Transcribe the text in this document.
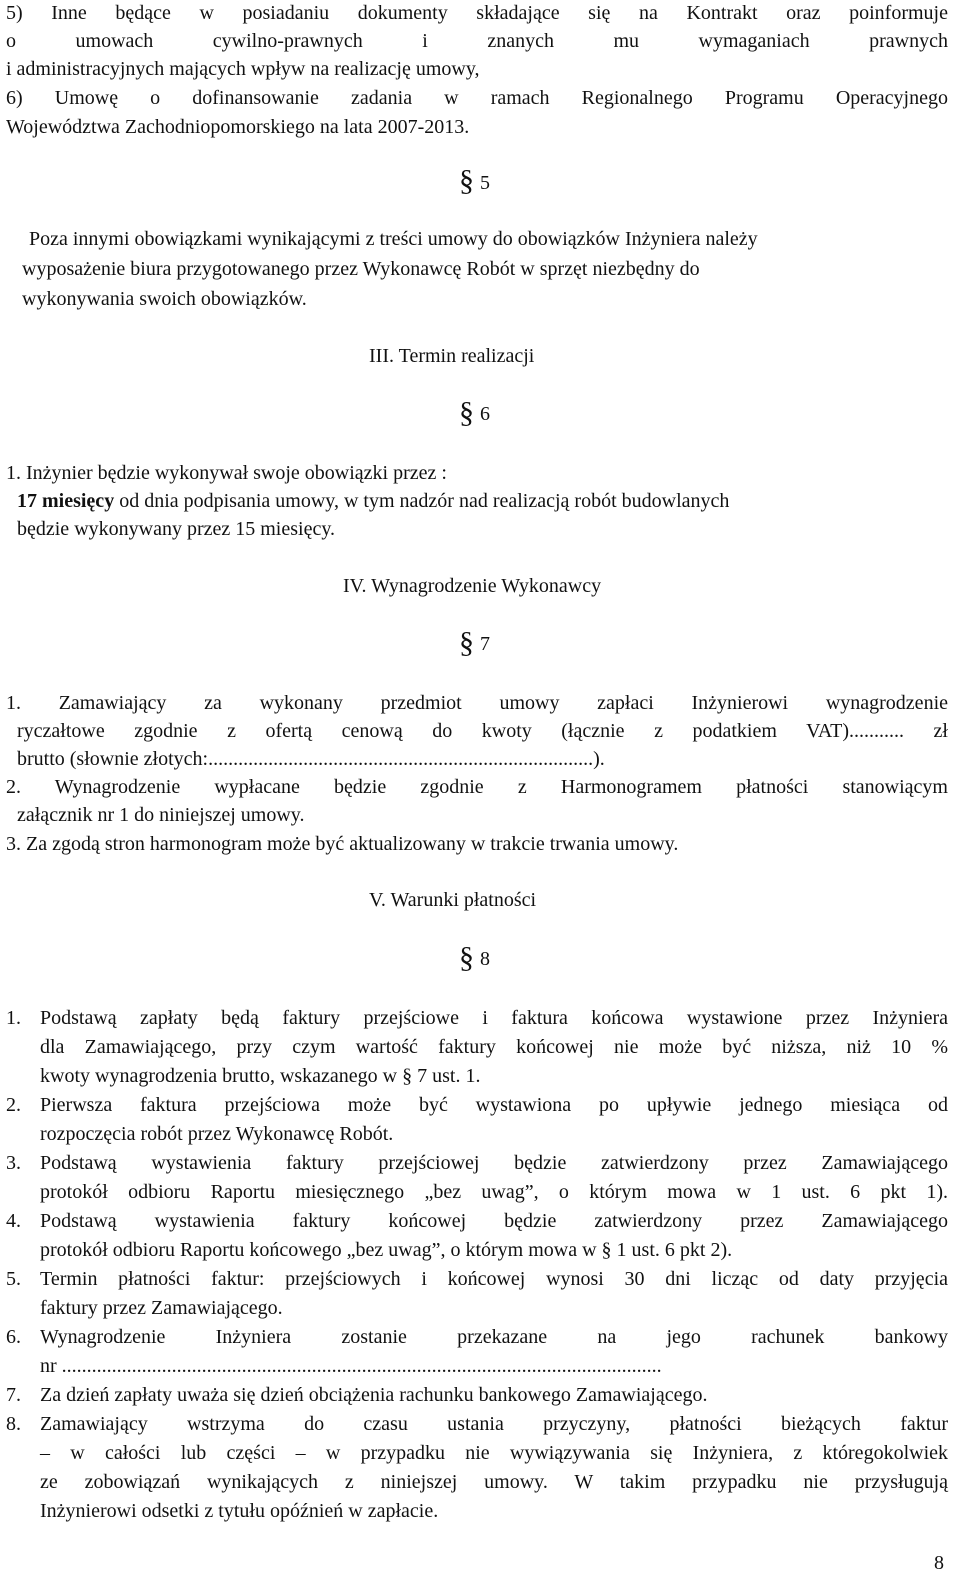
5) Inne będące w posiadaniu dokumenty składające się na Kontrakt oraz poinformuje
o umowach cywilno-prawnych i znanych mu wymaganiach prawnych
i administracyjnych mających wpływ na realizację umowy,
6) Umowę o dofinansowanie zadania w ramach Regionalnego Programu Operacyjnego
Województwa Zachodniopomorskiego na lata 2007-2013.
§ 5
Poza innymi obowiązkami wynikającymi z treści umowy do obowiązków Inżyniera należy
wyposażenie biura przygotowanego przez Wykonawcę Robót w sprzęt niezbędny do
wykonywania swoich obowiązków.
III. Termin realizacji
§ 6
1. Inżynier będzie wykonywał swoje obowiązki przez :
17 miesięcy od dnia podpisania umowy, w tym nadzór nad realizacją robót budowlanych
będzie wykonywany przez 15 miesięcy.
IV. Wynagrodzenie Wykonawcy
§ 7
1. Zamawiający za wykonany przedmiot umowy zapłaci Inżynierowi wynagrodzenie
ryczałtowe zgodnie z ofertą cenową do kwoty (łącznie z podatkiem VAT)........... zł
brutto (słownie złotych:.............................................................................).
2. Wynagrodzenie wypłacane będzie zgodnie z Harmonogramem płatności stanowiącym
załącznik nr 1 do niniejszej umowy.
3. Za zgodą stron harmonogram może być aktualizowany w trakcie trwania umowy.
V. Warunki płatności
§ 8
1. Podstawą zapłaty będą faktury przejściowe i faktura końcowa wystawione przez Inżyniera
dla Zamawiającego, przy czym wartość faktury końcowej nie może być niższa, niż 10 %
kwoty wynagrodzenia brutto, wskazanego w § 7 ust. 1.
2. Pierwsza faktura przejściowa może być wystawiona po upływie jednego miesiąca od
rozpoczęcia robót przez Wykonawcę Robót.
3. Podstawą wystawienia faktury przejściowej będzie zatwierdzony przez Zamawiającego
protokół odbioru Raportu miesięcznego „bez uwag”, o którym mowa w 1 ust. 6 pkt 1).
4. Podstawą wystawienia faktury końcowej będzie zatwierdzony przez Zamawiającego
protokół odbioru Raportu końcowego „bez uwag”, o którym mowa w § 1 ust. 6 pkt 2).
5. Termin płatności faktur: przejściowych i końcowej wynosi 30 dni licząc od daty przyjęcia
faktury przez Zamawiającego.
6. Wynagrodzenie Inżyniera zostanie przekazane na jego rachunek bankowy
nr ........................................................................................................................
7. Za dzień zapłaty uważa się dzień obciążenia rachunku bankowego Zamawiającego.
8. Zamawiający wstrzyma do czasu ustania przyczyny, płatności bieżących faktur
– w całości lub części – w przypadku nie wywiązywania się Inżyniera, z któregokolwiek
ze zobowiązań wynikających z niniejszej umowy. W takim przypadku nie przysługują
Inżynierowi odsetki z tytułu opóźnień w zapłacie.
8
